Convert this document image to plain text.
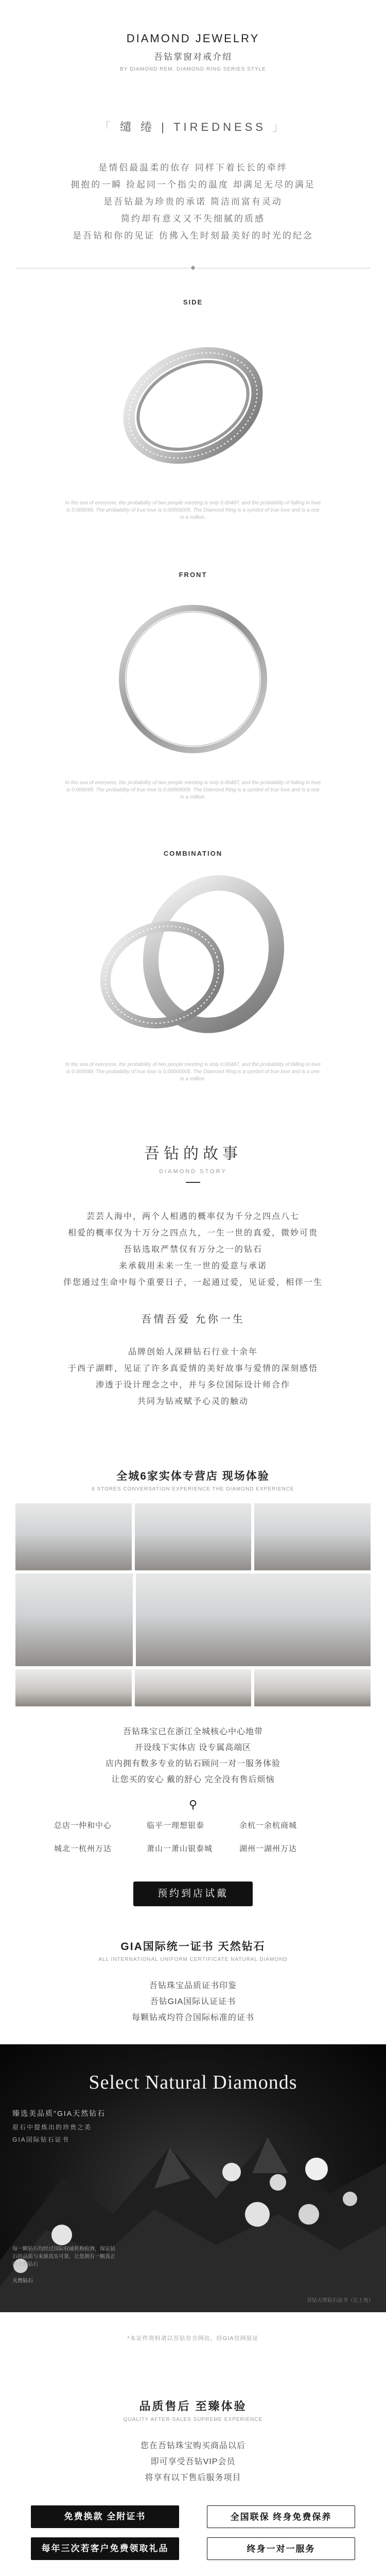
DIAMOND JEWELRY
吾钻掌窗对戒介绍
BY DIAMOND REM. DIAMOND RING SERIES STYLE
「 缱 绻 | TIREDNESS 」
是情侣最温柔的依存 同样下着长长的牵绊
拥抱的一瞬 捡起同一个指尖的温度 却满足无尽的满足
是吾钻最为珍贵的承诺 简洁而富有灵动
简约却有意义又不失细腻的质感
是吾钻和你的见证 仿佛入生时刻最美好的时光的纪念
◆
SIDE
In the sea of everyone, the probability of two people meeting is only 0.00487, and the probability of falling in love is 0.000049. The probability of true love is 0.00000005. The Diamond Ring is a symbol of true love and is a one in a million.
FRONT
In the sea of everyone, the probability of two people meeting is only 0.00487, and the probability of falling in love is 0.000049. The probability of true love is 0.00000005. The Diamond Ring is a symbol of true love and is a one in a million.
COMBINATION
In the sea of everyone, the probability of two people meeting is only 0.00487, and the probability of falling in love is 0.000049. The probability of true love is 0.00000005. The Diamond Ring is a symbol of true love and is a one in a million.
吾钻的故事
DIAMOND STORY
芸芸人海中，两个人相遇的概率仅为千分之四点八七
相爱的概率仅为十万分之四点九，一生一世的真爱，微妙可贵
吾钻选取严禁仅有万分之一的钻石
来承载用未来一生一世的爱意与承诺
伴您通过生命中每个重要日子，一起通过爱，见证爱，相伴一生
吾情吾爱 允你一生
品牌创始人深耕钻石行业十余年
于西子湖畔，见证了许多真爱情的美好故事与爱情的深刻感悟
渗透于设计理念之中，并与多位国际设计师合作
共同为钻戒赋予心灵的触动
全城6家实体专营店 现场体验
6 STORES CONVERSATION EXPERIENCE THE DIAMOND EXPERIENCE
吾钻珠宝已在浙江全城核心中心地带
开设线下实体店 设专属高端区
店内拥有数多专业的钻石顾问一对一服务体验
让您买的安心 戴的舒心 完全没有售后烦恼
⚲
总店一仲和中心	临平一理想银泰	余杭一余杭商城
城北一杭州万达	萧山一萧山银泰城	湖州一湖州万达
预约到店试戴
GIA国际统一证书 天然钻石
ALL INTERNATIONAL UNIFORM CERTIFICATE NATURAL DIAMOND
吾钻珠宝品质证书印鉴
吾钻GIA国际认证证书
每颗钻戒均符合国际标准的证书
Select Natural Diamonds
臻选美品质"GIA天然钻石
原石中提炼出的珍贵之美
GIA国际钻石证书
每一颗钻石均经过国际权威机构检测，保证钻石的品质与来源真实可靠，让您拥有一颗真正的天然钻石
天然钻石
吾钻天然钻石证书（左上角）
*本证件资料请以吾钻官方网站，经GIA官网验证
品质售后 至臻体验
QUALITY AFTER-SALES SUPREME EXPERIENCE
您在吾钻珠宝购买商品以后
即可享受吾钻VIP会员
将享有以下售后服务项目
免费换款 全附证书	全国联保 终身免费保养
每年三次若客户免费领取礼品	终身一对一服务
